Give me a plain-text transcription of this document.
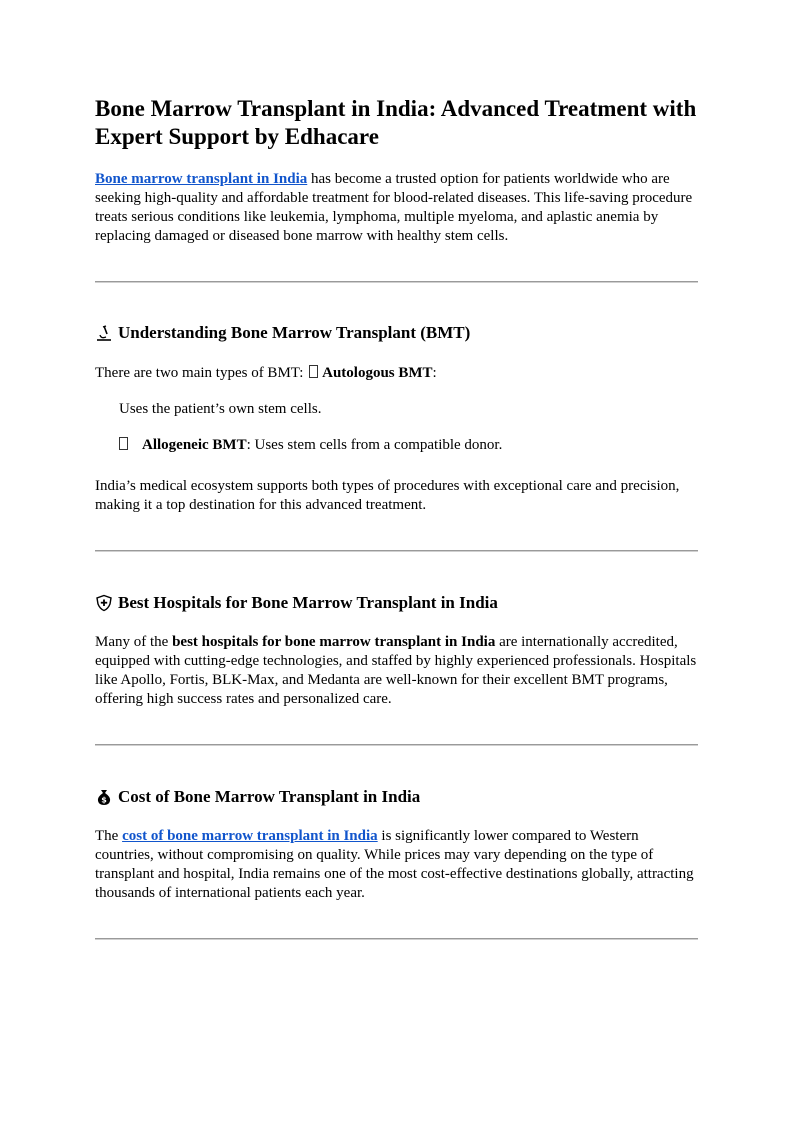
Bone Marrow Transplant in India: Advanced Treatment with Expert Support by Edhacare

Bone marrow transplant in India has become a trusted option for patients worldwide who are seeking high-quality and affordable treatment for blood-related diseases. This life-saving procedure treats serious conditions like leukemia, lymphoma, multiple myeloma, and aplastic anemia by replacing damaged or diseased bone marrow with healthy stem cells.

Understanding Bone Marrow Transplant (BMT)

There are two main types of BMT: Autologous BMT:

Uses the patient’s own stem cells.

Allogeneic BMT: Uses stem cells from a compatible donor.

India’s medical ecosystem supports both types of procedures with exceptional care and precision, making it a top destination for this advanced treatment.

Best Hospitals for Bone Marrow Transplant in India

Many of the best hospitals for bone marrow transplant in India are internationally accredited, equipped with cutting-edge technologies, and staffed by highly experienced professionals. Hospitals like Apollo, Fortis, BLK-Max, and Medanta are well-known for their excellent BMT programs, offering high success rates and personalized care.

$ Cost of Bone Marrow Transplant in India

The cost of bone marrow transplant in India is significantly lower compared to Western countries, without compromising on quality. While prices may vary depending on the type of transplant and hospital, India remains one of the most cost-effective destinations globally, attracting thousands of international patients each year.
